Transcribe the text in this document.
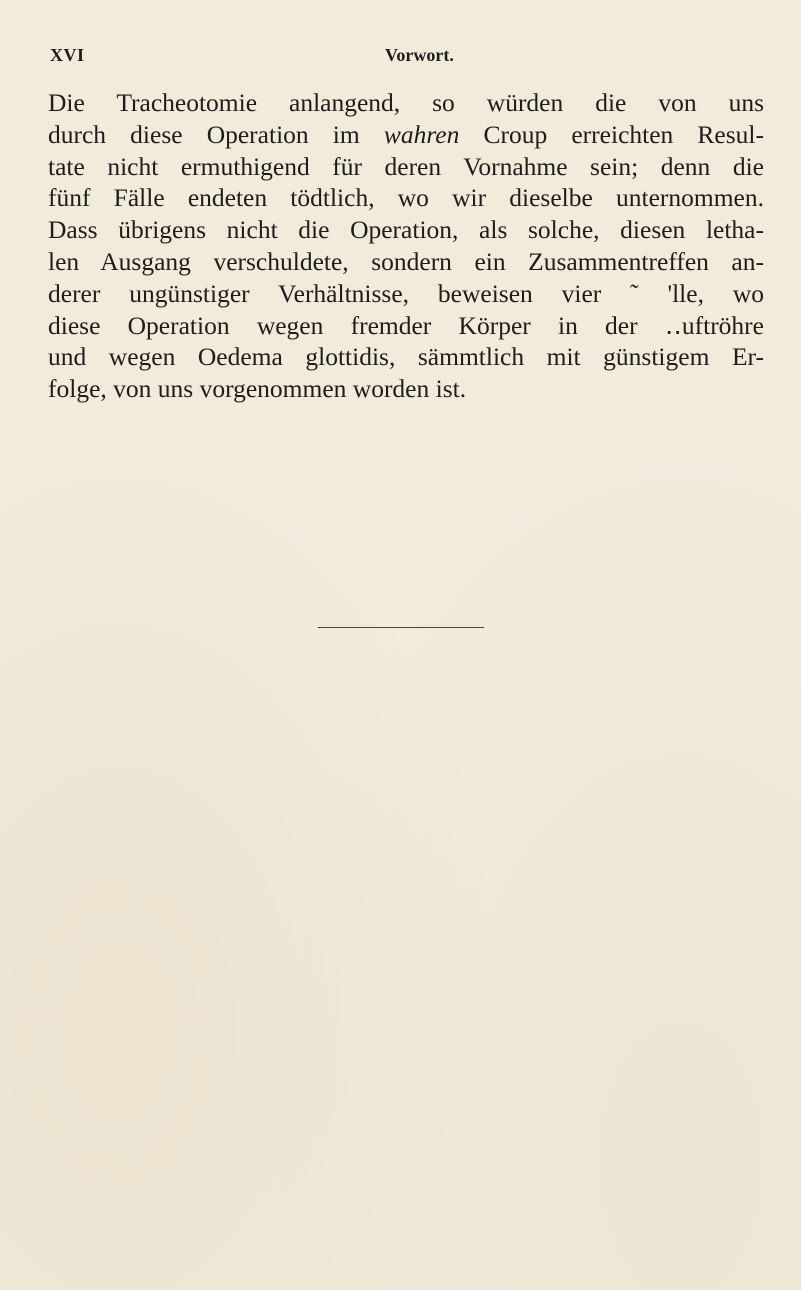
XVI	Vorwort.
Die Tracheotomie anlangend, so würden die von uns
durch diese Operation im wahren Croup erreichten Resul-
tate nicht ermuthigend für deren Vornahme sein; denn die
fünf Fälle endeten tödtlich, wo wir dieselbe unternommen.
Dass übrigens nicht die Operation, als solche, diesen letha-
len Ausgang verschuldete, sondern ein Zusammentreffen an-
derer ungünstiger Verhältnisse, beweisen vier ˜ 'lle, wo
diese Operation wegen fremder Körper in der ‥uftröhre
und wegen Oedema glottidis, sämmtlich mit günstigem Er-
folge, von uns vorgenommen worden ist.
